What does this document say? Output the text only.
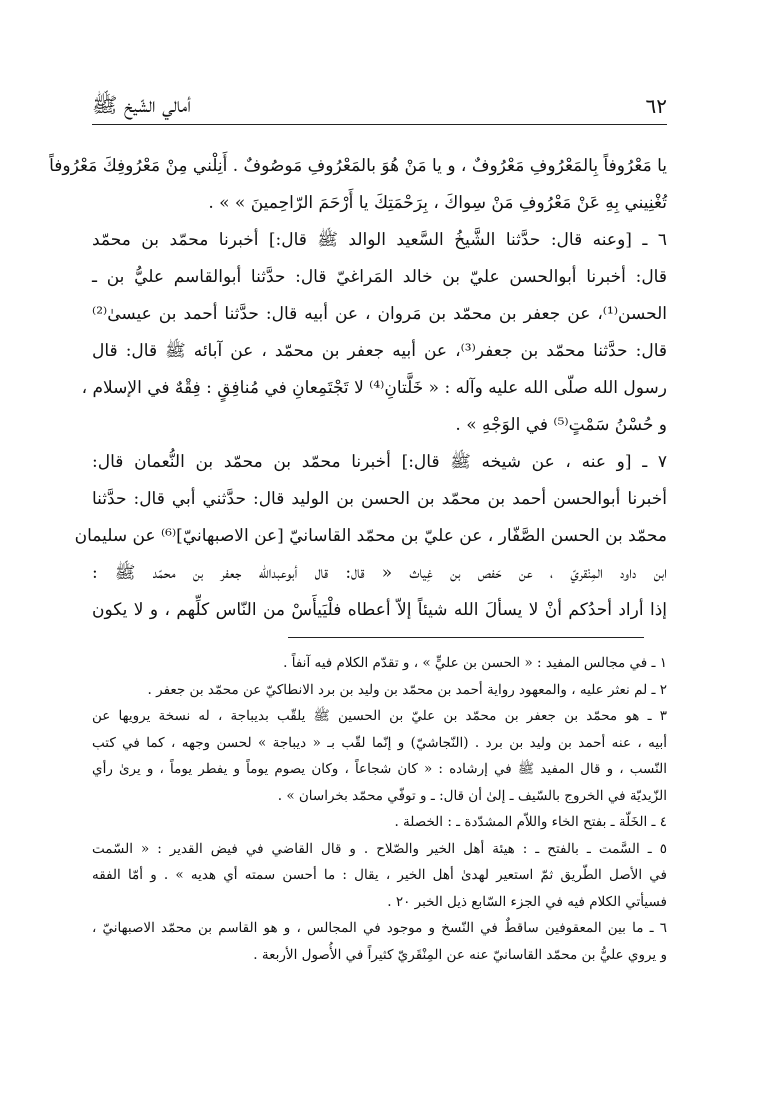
٦٢
أمالي الشّيخ ﷺ
يا مَعْرُوفاً بِالمَعْرُوفِ مَعْرُوفٌ ، و يا مَنْ هُوَ بالمَعْرُوفِ مَوصُوفٌ . أَنِلْني مِنْ مَعْرُوفِكَ مَعْرُوفاً
تُغْنِيني بِهِ عَنْ مَعْرُوفِ مَنْ سِواكَ ، بِرَحْمَتِكَ يا أَرْحَمَ الرّاحِمينَ » » .
٦ ـ [وعنه قال: حدَّثنا الشَّيخُ السَّعيد الوالد ﷺ قال:] أخبرنا محمّد بن محمّد
قال: أخبرنا أبوالحسن عليّ بن خالد المَراغيّ قال: حدَّثنا أبوالقاسم عليُّ بن ـ
الحسن⁽¹⁾، عن جعفر بن محمّد بن مَروان ، عن أبيه قال: حدَّثنا أحمد بن عيسىٰ⁽²⁾
قال: حدَّثنا محمّد بن جعفر⁽³⁾، عن أبيه جعفر بن محمّد ، عن آبائه ﷺ قال: قال
رسول الله صلّى الله عليه وآله : « خَلَّتانِ⁽⁴⁾ لا تَجْتَمِعانِ في مُنافِقٍ : فِقْهٌ في الإسلام ،
و حُسْنُ سَمْتٍ⁽⁵⁾ في الوَجْهِ » .
٧ ـ [و عنه ، عن شيخه ﷺ قال:] أخبرنا محمّد بن محمّد بن النُّعمان قال:
أخبرنا أبوالحسن أحمد بن محمّد بن الحسن بن الوليد قال: حدَّثني أبي قال: حدَّثنا
محمّد بن الحسن الصَّفّار ، عن عليّ بن محمّد القاسانيّ [عن الاصبهانيّ]⁽⁶⁾ عن سليمان
ابن داود المِنْقريّ ، عن حَفص بن غِياث « قال: قال أبوعبدالله جعفر بن محمّد ﷺ :
إذا أراد أحدُكم أنْ لا يسألَ الله شيئاً إلاّ أعطاه فلْيَيأَسْ من النّاس كلِّهم ، و لا يكون
١ ـ في مجالس المفيد : « الحسن بن عليٍّ » ، و تقدّم الكلام فيه آنفاً .
٢ ـ لم نعثر عليه ، والمعهود رواية أحمد بن محمّد بن وليد بن برد الانطاكيّ عن محمّد بن جعفر .
٣ ـ هو محمّد بن جعفر بن محمّد بن عليّ بن الحسين ﷺ يلقّب بديباجة ، له نسخة يرويها عن
أبيه ، عنه أحمد بن وليد بن برد . (النّجاشيّ) و إنّما لقّب بـ « ديباجة » لحسن وجهه ، كما في كتب
النّسب ، و قال المفيد ﷺ في إرشاده : « كان شجاعاً ، وكان يصوم يوماً و يفطر يوماً ، و يرىٰ رأي
الزّيديّة في الخروج بالسّيف ـ إلىٰ أن قال: ـ و توفّي محمّد بخراسان » .
٤ ـ الخَلّة ـ بفتح الخاء واللاّم المشدّدة ـ : الخصلة .
٥ ـ السَّمت ـ بالفتح ـ : هيئة أهل الخير والصّلاح . و قال القاضي في فيض القدير : « السّمت
في الأصل الطّريق ثمّ استعير لهدىٰ أهل الخير ، يقال : ما أحسن سمته أي هديه » . و أمّا الفقه
فسيأتي الكلام فيه في الجزء السّابع ذيل الخبر ٢٠ .
٦ ـ ما بين المعقوفين ساقطٌ في النّسخ و موجود في المجالس ، و هو القاسم بن محمّد الاصبهانيّ ،
و يروي عليُّ بن محمّد القاسانيّ عنه عن المِنْقَريّ كثيراً في الأُصول الأربعة .
